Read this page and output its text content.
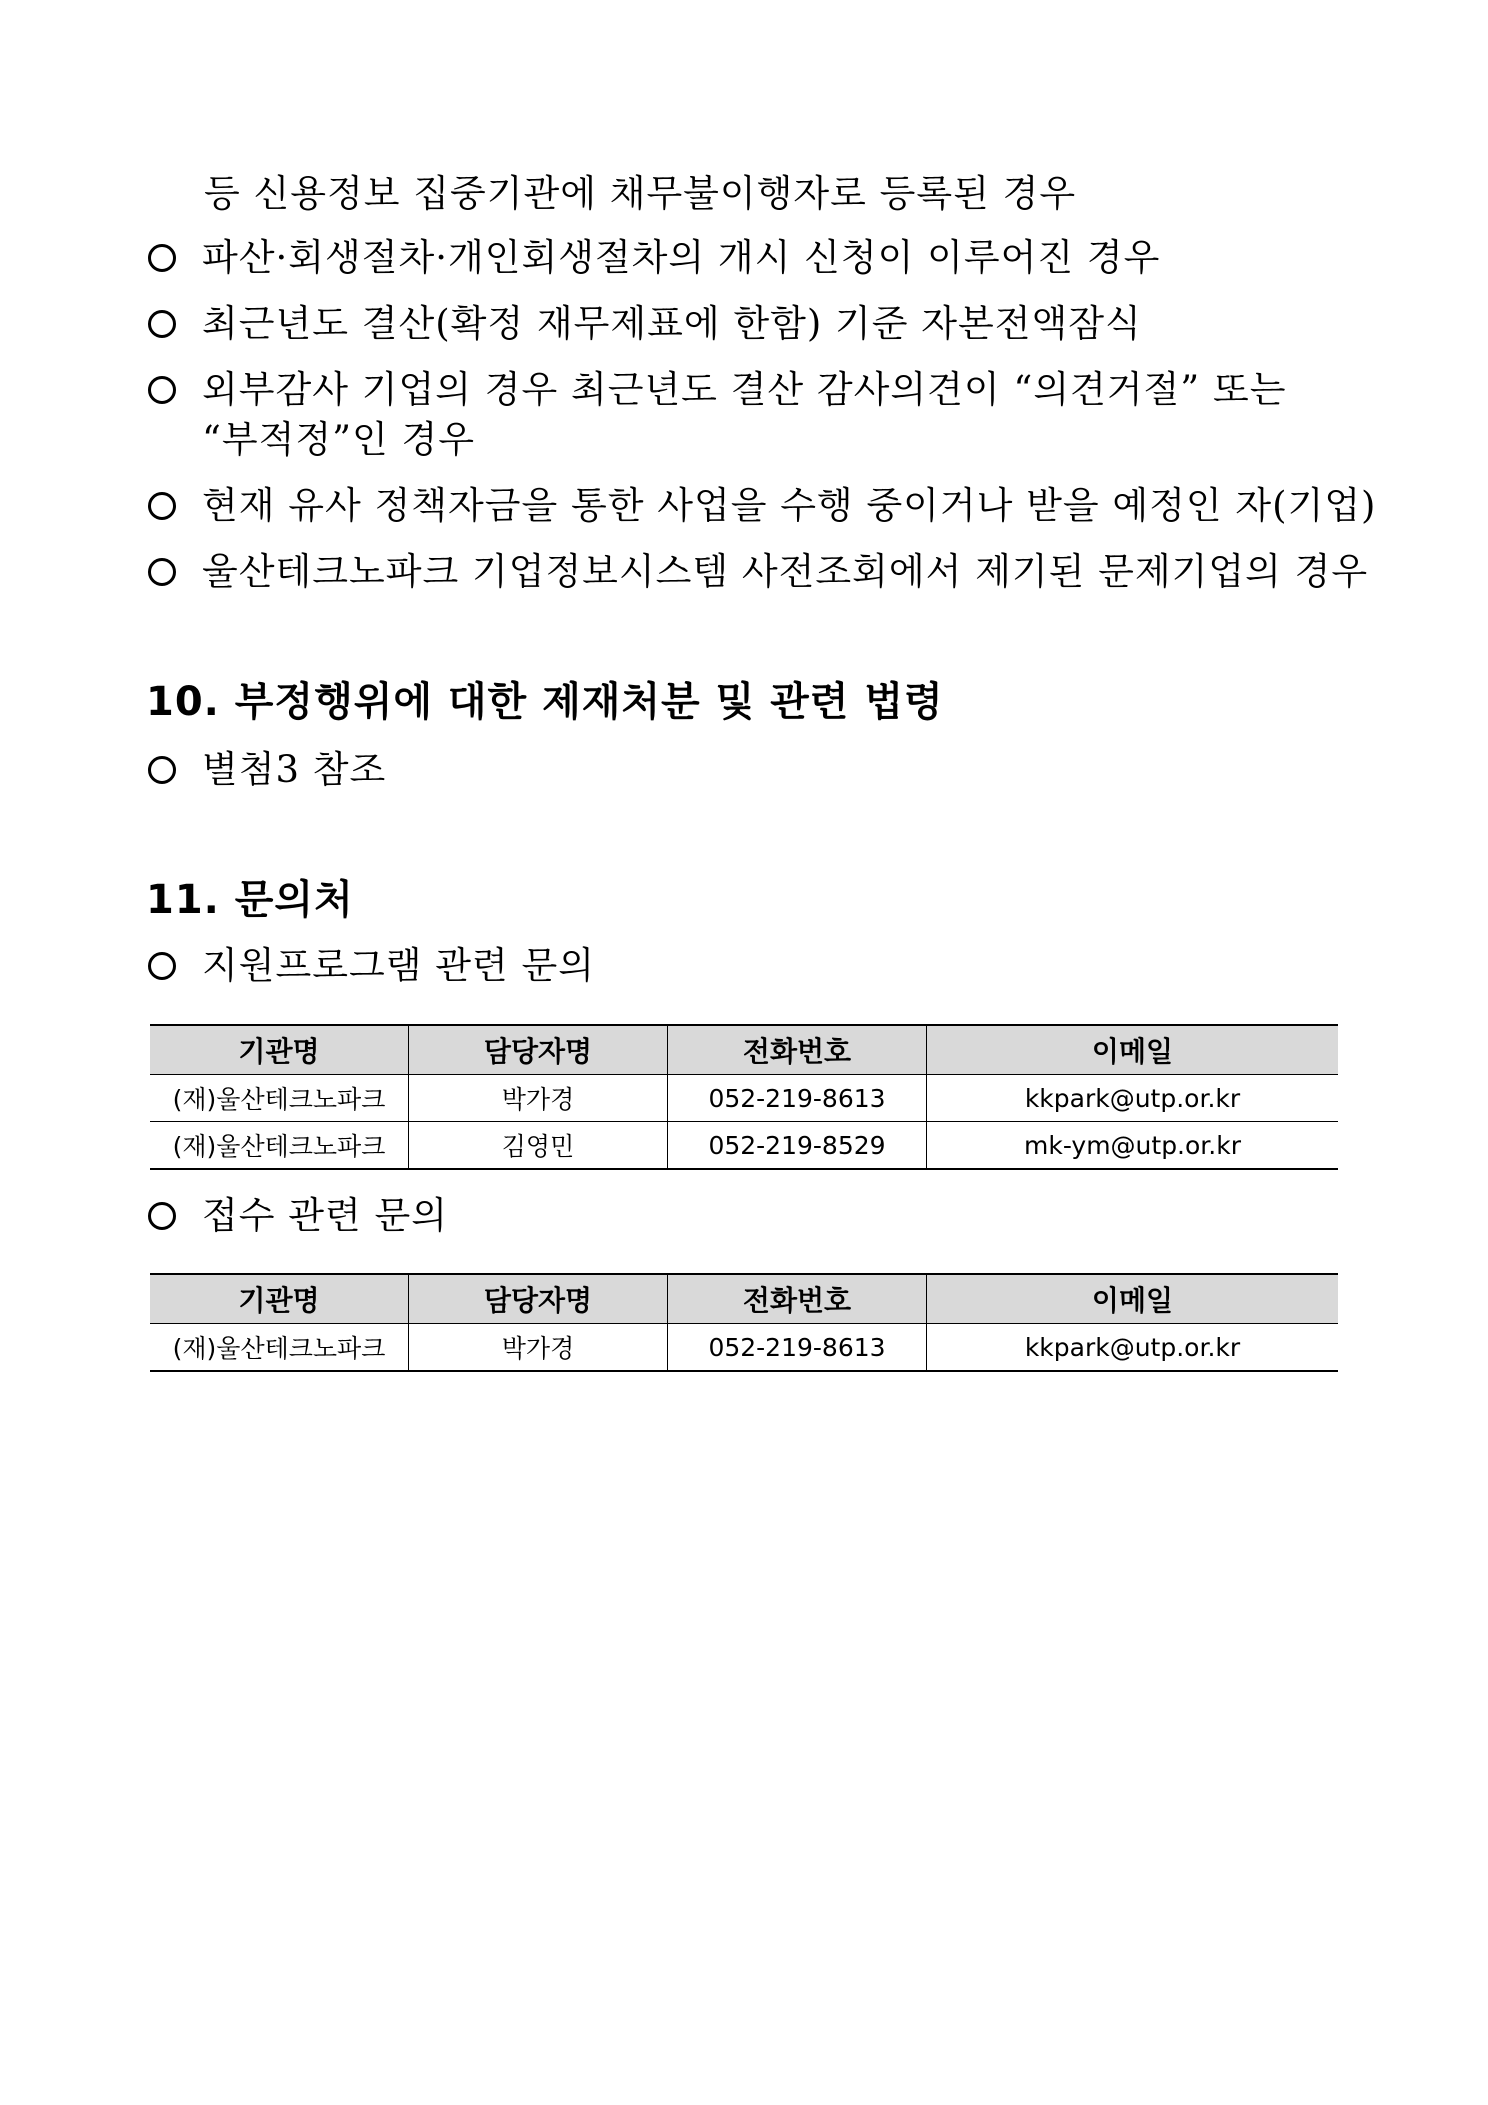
등 신용정보 집중기관에 채무불이행자로 등록된 경우
파산·회생절차·개인회생절차의 개시 신청이 이루어진 경우
최근년도 결산(확정 재무제표에 한함) 기준 자본전액잠식
외부감사 기업의 경우 최근년도 결산 감사의견이 “의견거절” 또는
“부적정”인 경우
현재 유사 정책자금을 통한 사업을 수행 중이거나 받을 예정인 자(기업)
울산테크노파크 기업정보시스템 사전조회에서 제기된 문제기업의 경우
10. 부정행위에 대한 제재처분 및 관련 법령
별첨3 참조
11. 문의처
지원프로그램 관련 문의
기관명	담당자명	전화번호	이메일
(재)울산테크노파크	박가경	052-219-8613	kkpark@utp.or.kr
(재)울산테크노파크	김영민	052-219-8529	mk-ym@utp.or.kr
접수 관련 문의
기관명	담당자명	전화번호	이메일
(재)울산테크노파크	박가경	052-219-8613	kkpark@utp.or.kr
